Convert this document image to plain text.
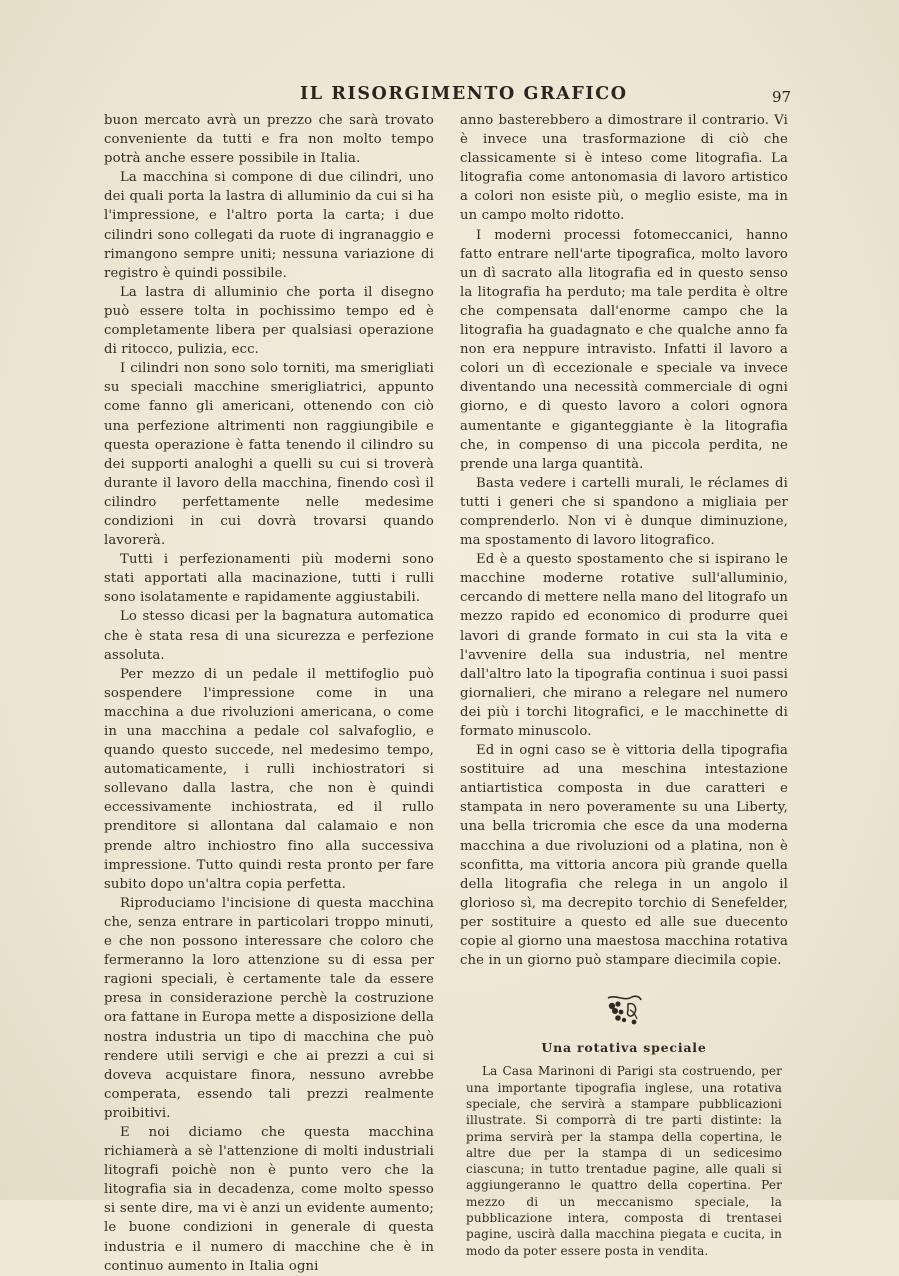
IL RISORGIMENTO GRAFICO	97

buon mercato avrà un prezzo che sarà trovato conveniente da tutti e fra non molto tempo potrà anche essere possibile in Italia.

La macchina si compone di due cilindri, uno dei quali porta la lastra di alluminio da cui si ha l'impressione, e l'altro porta la carta; i due cilindri sono collegati da ruote di ingranaggio e rimangono sempre uniti; nessuna variazione di registro è quindi possibile.

La lastra di alluminio che porta il disegno può essere tolta in pochissimo tempo ed è completamente libera per qualsiasi operazione di ritocco, pulizia, ecc.

I cilindri non sono solo torniti, ma smerigliati su speciali macchine smerigliatrici, appunto come fanno gli americani, ottenendo con ciò una perfezione altrimenti non raggiungibile e questa operazione è fatta tenendo il cilindro su dei supporti analoghi a quelli su cui si troverà durante il lavoro della macchina, finendo così il cilindro perfettamente nelle medesime condizioni in cui dovrà trovarsi quando lavorerà.

Tutti i perfezionamenti più moderni sono stati apportati alla macinazione, tutti i rulli sono isolatamente e rapidamente aggiustabili.

Lo stesso dicasi per la bagnatura automatica che è stata resa di una sicurezza e perfezione assoluta.

Per mezzo di un pedale il mettifoglio può sospendere l'impressione come in una macchina a due rivoluzioni americana, o come in una macchina a pedale col salvafoglio, e quando questo succede, nel medesimo tempo, automaticamente, i rulli inchiostratori si sollevano dalla lastra, che non è quindi eccessivamente inchiostrata, ed il rullo prenditore si allontana dal calamaio e non prende altro inchiostro fino alla successiva impressione. Tutto quindi resta pronto per fare subito dopo un'altra copia perfetta.

Riproduciamo l'incisione di questa macchina che, senza entrare in particolari troppo minuti, e che non possono interessare che coloro che fermeranno la loro attenzione su di essa per ragioni speciali, è certamente tale da essere presa in considerazione perchè la costruzione ora fattane in Europa mette a disposizione della nostra industria un tipo di macchina che può rendere utili servigi e che ai prezzi a cui si doveva acquistare finora, nessuno avrebbe comperata, essendo tali prezzi realmente proibitivi.

E noi diciamo che questa macchina richiamerà a sè l'attenzione di molti industriali litografi poichè non è punto vero che la litografia sia in decadenza, come molto spesso si sente dire, ma vi è anzi un evidente aumento; le buone condizioni in generale di questa industria e il numero di macchine che è in continuo aumento in Italia ogni

anno basterebbero a dimostrare il contrario. Vi è invece una trasformazione di ciò che classicamente si è inteso come litografia. La litografia come antonomasia di lavoro artistico a colori non esiste più, o meglio esiste, ma in un campo molto ridotto.

I moderni processi fotomeccanici, hanno fatto entrare nell'arte tipografica, molto lavoro un dì sacrato alla litografia ed in questo senso la litografia ha perduto; ma tale perdita è oltre che compensata dall'enorme campo che la litografia ha guadagnato e che qualche anno fa non era neppure intravisto. Infatti il lavoro a colori un dì eccezionale e speciale va invece diventando una necessità commerciale di ogni giorno, e di questo lavoro a colori ognora aumentante e giganteggiante è la litografia che, in compenso di una piccola perdita, ne prende una larga quantità.

Basta vedere i cartelli murali, le réclames di tutti i generi che si spandono a migliaia per comprenderlo. Non vi è dunque diminuzione, ma spostamento di lavoro litografico.

Ed è a questo spostamento che si ispirano le macchine moderne rotative sull'alluminio, cercando di mettere nella mano del litografo un mezzo rapido ed economico di produrre quei lavori di grande formato in cui sta la vita e l'avvenire della sua industria, nel mentre dall'altro lato la tipografia continua i suoi passi giornalieri, che mirano a relegare nel numero dei più i torchi litografici, e le macchinette di formato minuscolo.

Ed in ogni caso se è vittoria della tipografia sostituire ad una meschina intestazione antiartistica composta in due caratteri e stampata in nero poveramente su una Liberty, una bella tricromia che esce da una moderna macchina a due rivoluzioni od a platina, non è sconfitta, ma vittoria ancora più grande quella della litografia che relega in un angolo il glorioso sì, ma decrepito torchio di Senefelder, per sostituire a questo ed alle sue duecento copie al giorno una maestosa macchina rotativa che in un giorno può stampare diecimila copie.

Una rotativa speciale
La Casa Marinoni di Parigi sta costruendo, per una importante tipografia inglese, una rotativa speciale, che servirà a stampare pubblicazioni illustrate. Si comporrà di tre parti distinte: la prima servirà per la stampa della copertina, le altre due per la stampa di un sedicesimo ciascuna; in tutto trentadue pagine, alle quali si aggiungeranno le quattro della copertina. Per mezzo di un meccanismo speciale, la pubblicazione intera, composta di trentasei pagine, uscirà dalla macchina piegata e cucita, in modo da poter essere posta in vendita.
